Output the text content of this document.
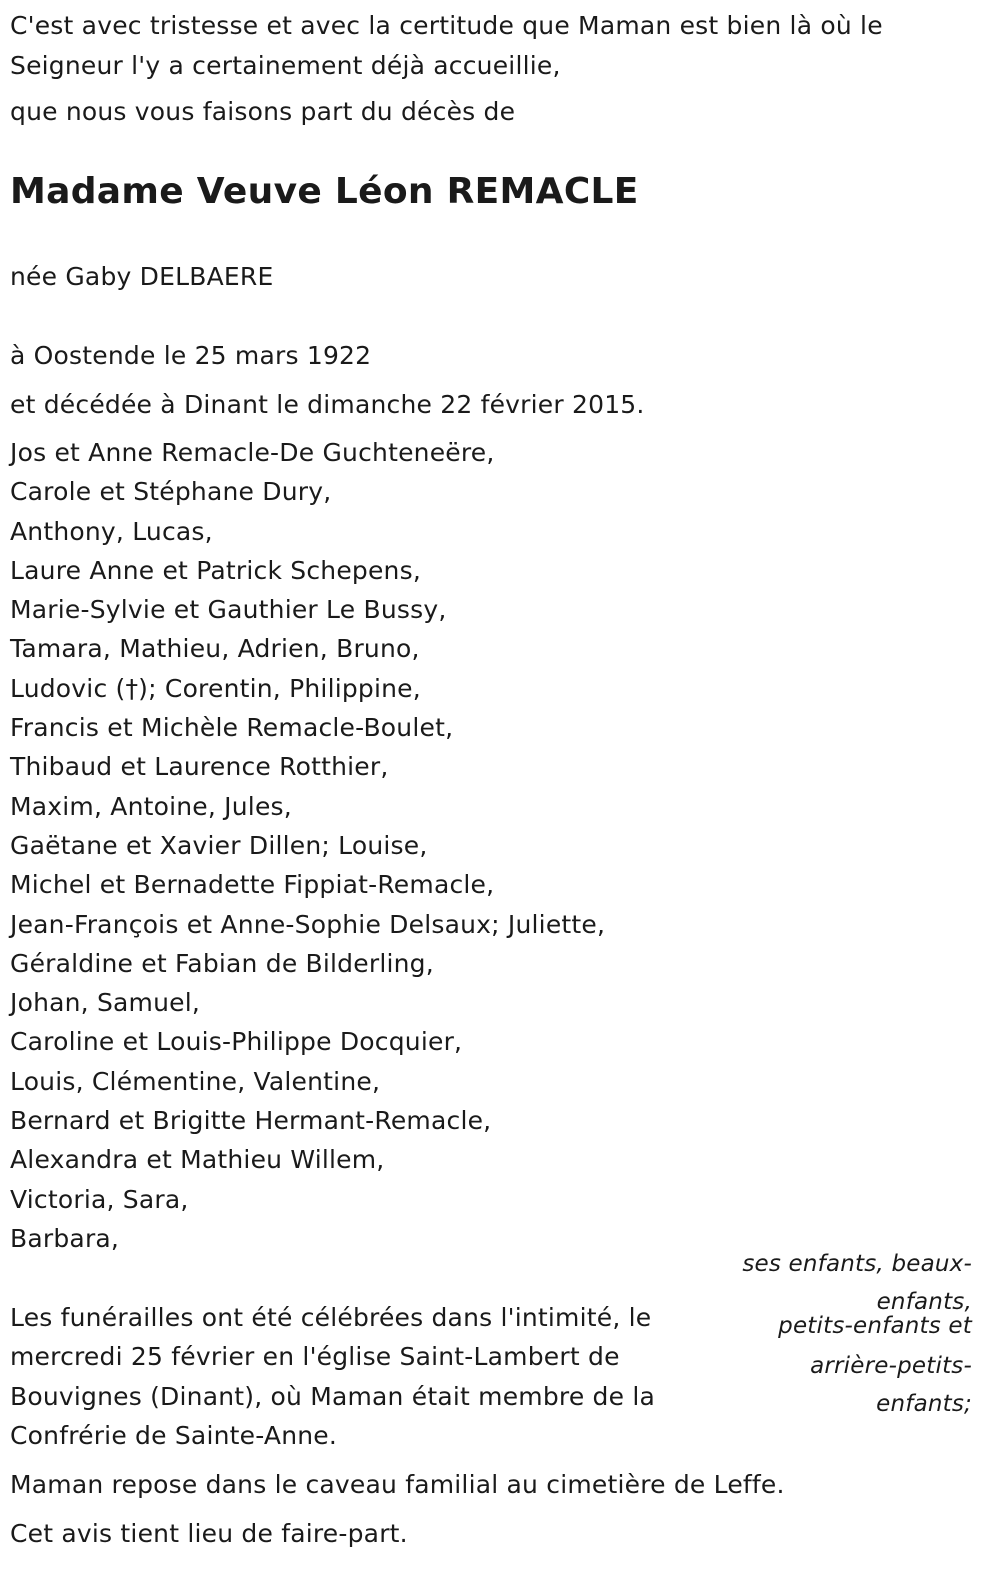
C'est avec tristesse et avec la certitude que Maman est bien là où le
Seigneur l'y a certainement déjà accueillie,
que nous vous faisons part du décès de
Madame Veuve Léon REMACLE
née Gaby DELBAERE
à Oostende le 25 mars 1922
et décédée à Dinant le dimanche 22 février 2015.
Jos et Anne Remacle-De Guchteneëre,
Carole et Stéphane Dury,
Anthony, Lucas,
Laure Anne et Patrick Schepens,
Marie-Sylvie et Gauthier Le Bussy,
Tamara, Mathieu, Adrien, Bruno,
Ludovic (†); Corentin, Philippine,
Francis et Michèle Remacle-Boulet,
Thibaud et Laurence Rotthier,
Maxim, Antoine, Jules,
Gaëtane et Xavier Dillen; Louise,
Michel et Bernadette Fippiat-Remacle,
Jean-François et Anne-Sophie Delsaux; Juliette,
Géraldine et Fabian de Bilderling,
Johan, Samuel,
Caroline et Louis-Philippe Docquier,
Louis, Clémentine, Valentine,
Bernard et Brigitte Hermant-Remacle,
Alexandra et Mathieu Willem,
Victoria, Sara,
Barbara,
ses enfants, beaux-
enfants,
petits-enfants et
arrière-petits-
enfants;
Les funérailles ont été célébrées dans l'intimité, le
mercredi 25 février en l'église Saint-Lambert de
Bouvignes (Dinant), où Maman était membre de la
Confrérie de Sainte-Anne.
Maman repose dans le caveau familial au cimetière de Leffe.
Cet avis tient lieu de faire-part.
